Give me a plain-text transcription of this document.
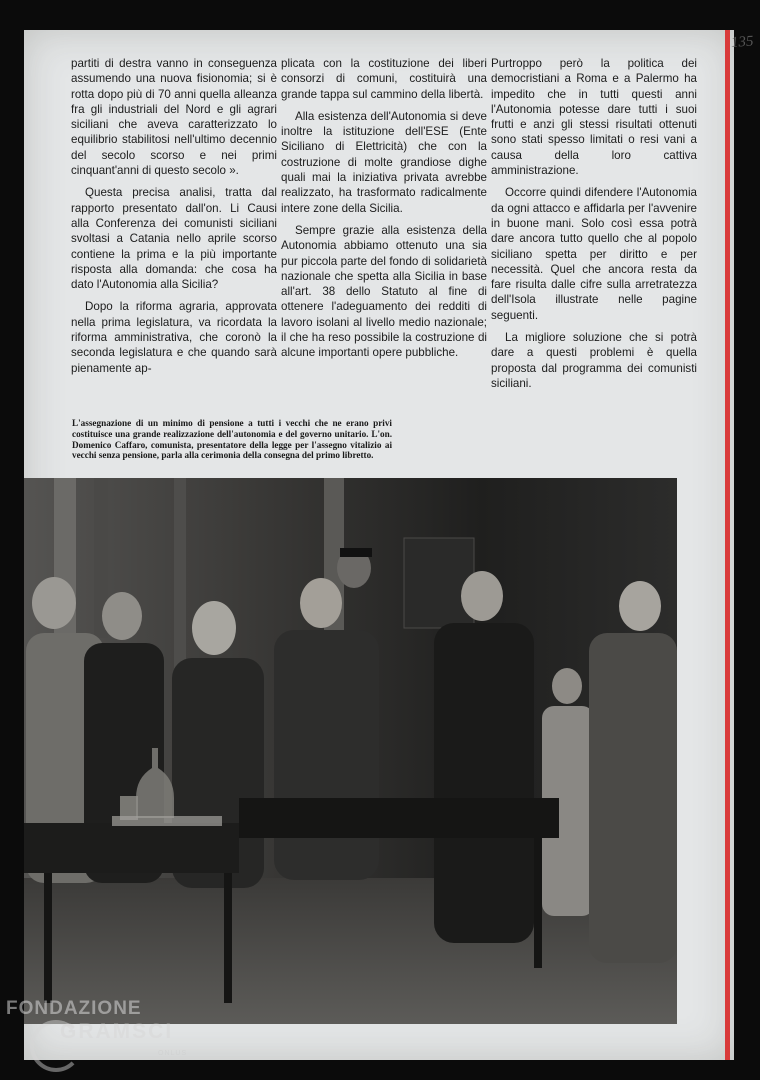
135

partiti di destra vanno in conseguenza assumendo una nuova fisionomia; si è rotta dopo più di 70 anni quella alleanza fra gli industriali del Nord e gli agrari siciliani che aveva caratterizzato lo equilibrio stabilitosi nell'ultimo decennio del secolo scorso e nei primi cinquant'anni di questo secolo ».

Questa precisa analisi, tratta dal rapporto presentato dall'on. Li Causi alla Conferenza dei comunisti siciliani svoltasi a Catania nello aprile scorso contiene la prima e la più importante risposta alla domanda: che cosa ha dato l'Autonomia alla Sicilia?

Dopo la riforma agraria, approvata nella prima legislatura, va ricordata la riforma amministrativa, che coronò la seconda legislatura e che quando sarà pienamente ap-

plicata con la costituzione dei liberi consorzi di comuni, costituirà una grande tappa sul cammino della libertà.

Alla esistenza dell'Autonomia si deve inoltre la istituzione dell'ESE (Ente Siciliano di Elettricità) che con la costruzione di molte grandiose dighe quali mai la iniziativa privata avrebbe realizzato, ha trasformato radicalmente intere zone della Sicilia.

Sempre grazie alla esistenza della Autonomia abbiamo ottenuto una sia pur piccola parte del fondo di solidarietà nazionale che spetta alla Sicilia in base all'art. 38 dello Statuto al fine di ottenere l'adeguamento dei redditi di lavoro isolani al livello medio nazionale; il che ha reso possibile la costruzione di alcune importanti opere pubbliche.

Purtroppo però la politica dei democristiani a Roma e a Palermo ha impedito che in tutti questi anni l'Autonomia potesse dare tutti i suoi frutti e anzi gli stessi risultati ottenuti sono stati spesso limitati o resi vani a causa della loro cattiva amministrazione.

Occorre quindi difendere l'Autonomia da ogni attacco e affidarla per l'avvenire in buone mani. Solo così essa potrà dare ancora tutto quello che al popolo siciliano spetta per diritto e per necessità. Quel che ancora resta da fare risulta dalle cifre sulla arretratezza dell'Isola illustrate nelle pagine seguenti.

La migliore soluzione che si potrà dare a questi problemi è quella proposta dal programma dei comunisti siciliani.

L'assegnazione di un minimo di pensione a tutti i vecchi che ne erano privi costituisce una grande realizzazione dell'autonomia e del governo unitario. L'on. Domenico Caffaro, comunista, presentatore della legge per l'assegno vitalizio ai vecchi senza pensione, parla alla cerimonia della consegna del primo libretto.
FONDAZIONE
GRAMSCI
ONLUS
